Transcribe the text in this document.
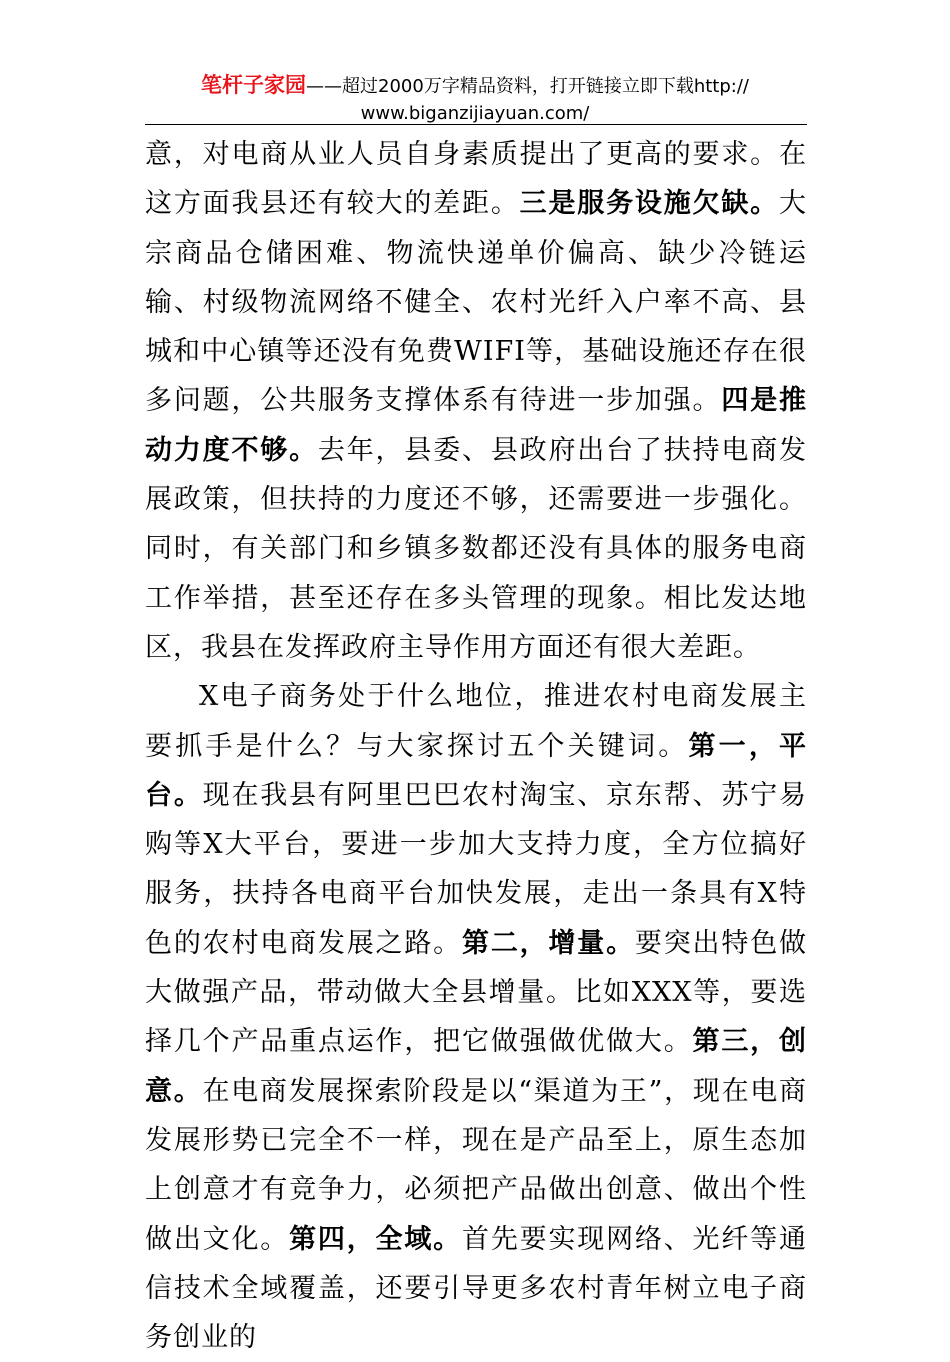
笔杆子家园——超过2000万字精品资料，打开链接立即下载http://
www.biganzijiayuan.com/

意，对电商从业人员自身素质提出了更高的要求。在这方面我县还有较大的差距。三是服务设施欠缺。大宗商品仓储困难、物流快递单价偏高、缺少冷链运输、村级物流网络不健全、农村光纤入户率不高、县城和中心镇等还没有免费WIFI等，基础设施还存在很多问题，公共服务支撑体系有待进一步加强。四是推动力度不够。去年，县委、县政府出台了扶持电商发展政策，但扶持的力度还不够，还需要进一步强化。同时，有关部门和乡镇多数都还没有具体的服务电商工作举措，甚至还存在多头管理的现象。相比发达地区，我县在发挥政府主导作用方面还有很大差距。

X电子商务处于什么地位，推进农村电商发展主要抓手是什么？与大家探讨五个关键词。第一，平台。现在我县有阿里巴巴农村淘宝、京东帮、苏宁易购等X大平台，要进一步加大支持力度，全方位搞好服务，扶持各电商平台加快发展，走出一条具有X特色的农村电商发展之路。第二，增量。要突出特色做大做强产品，带动做大全县增量。比如XXX等，要选择几个产品重点运作，把它做强做优做大。第三，创意。在电商发展探索阶段是以“渠道为王”，现在电商发展形势已完全不一样，现在是产品至上，原生态加上创意才有竞争力，必须把产品做出创意、做出个性做出文化。第四，全域。首先要实现网络、光纤等通信技术全域覆盖，还要引导更多农村青年树立电子商务创业的
